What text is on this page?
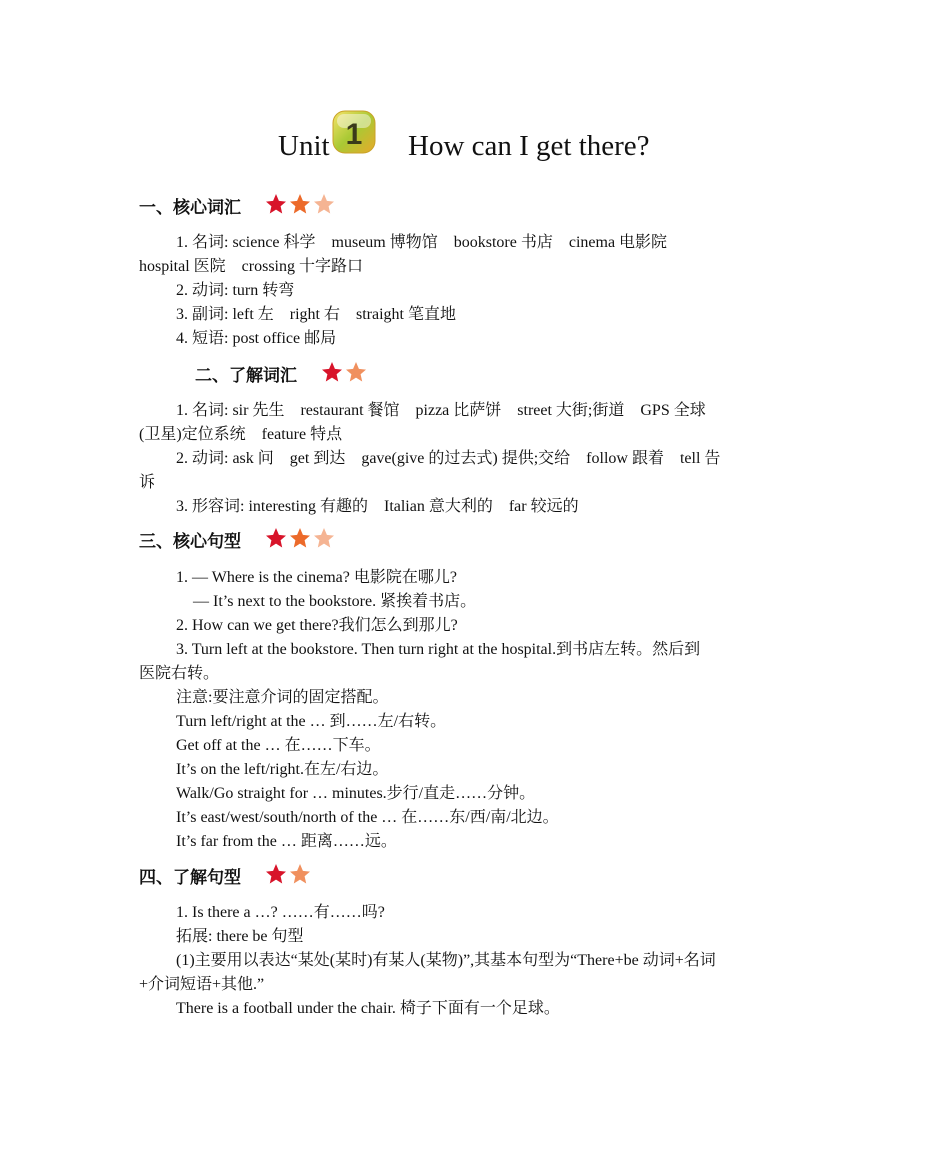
Unit 1 How can I get there?
一、核心词汇
1. 名词: science 科学　museum 博物馆　bookstore 书店　cinema 电影院
hospital 医院　crossing 十字路口
2. 动词: turn 转弯
3. 副词: left 左　right 右　straight 笔直地
4. 短语: post office 邮局
二、了解词汇
1. 名词: sir 先生　restaurant 餐馆　pizza 比萨饼　street 大街;街道　GPS 全球
(卫星)定位系统　feature 特点
2. 动词: ask 问　get 到达　gave(give 的过去式) 提供;交给　follow 跟着　tell 告
诉
3. 形容词: interesting 有趣的　Italian 意大利的　far 较远的
三、核心句型
1. — Where is the cinema? 电影院在哪儿?
— It’s next to the bookstore. 紧挨着书店。
2. How can we get there?我们怎么到那儿?
3. Turn left at the bookstore. Then turn right at the hospital.到书店左转。然后到
医院右转。
注意:要注意介词的固定搭配。
Turn left/right at the … 到……左/右转。
Get off at the … 在……下车。
It’s on the left/right.在左/右边。
Walk/Go straight for … minutes.步行/直走……分钟。
It’s east/west/south/north of the … 在……东/西/南/北边。
It’s far from the … 距离……远。
四、了解句型
1. Is there a …? ……有……吗?
拓展: there be 句型
(1)主要用以表达“某处(某时)有某人(某物)”,其基本句型为“There+be 动词+名词
+介词短语+其他.”
There is a football under the chair. 椅子下面有一个足球。
